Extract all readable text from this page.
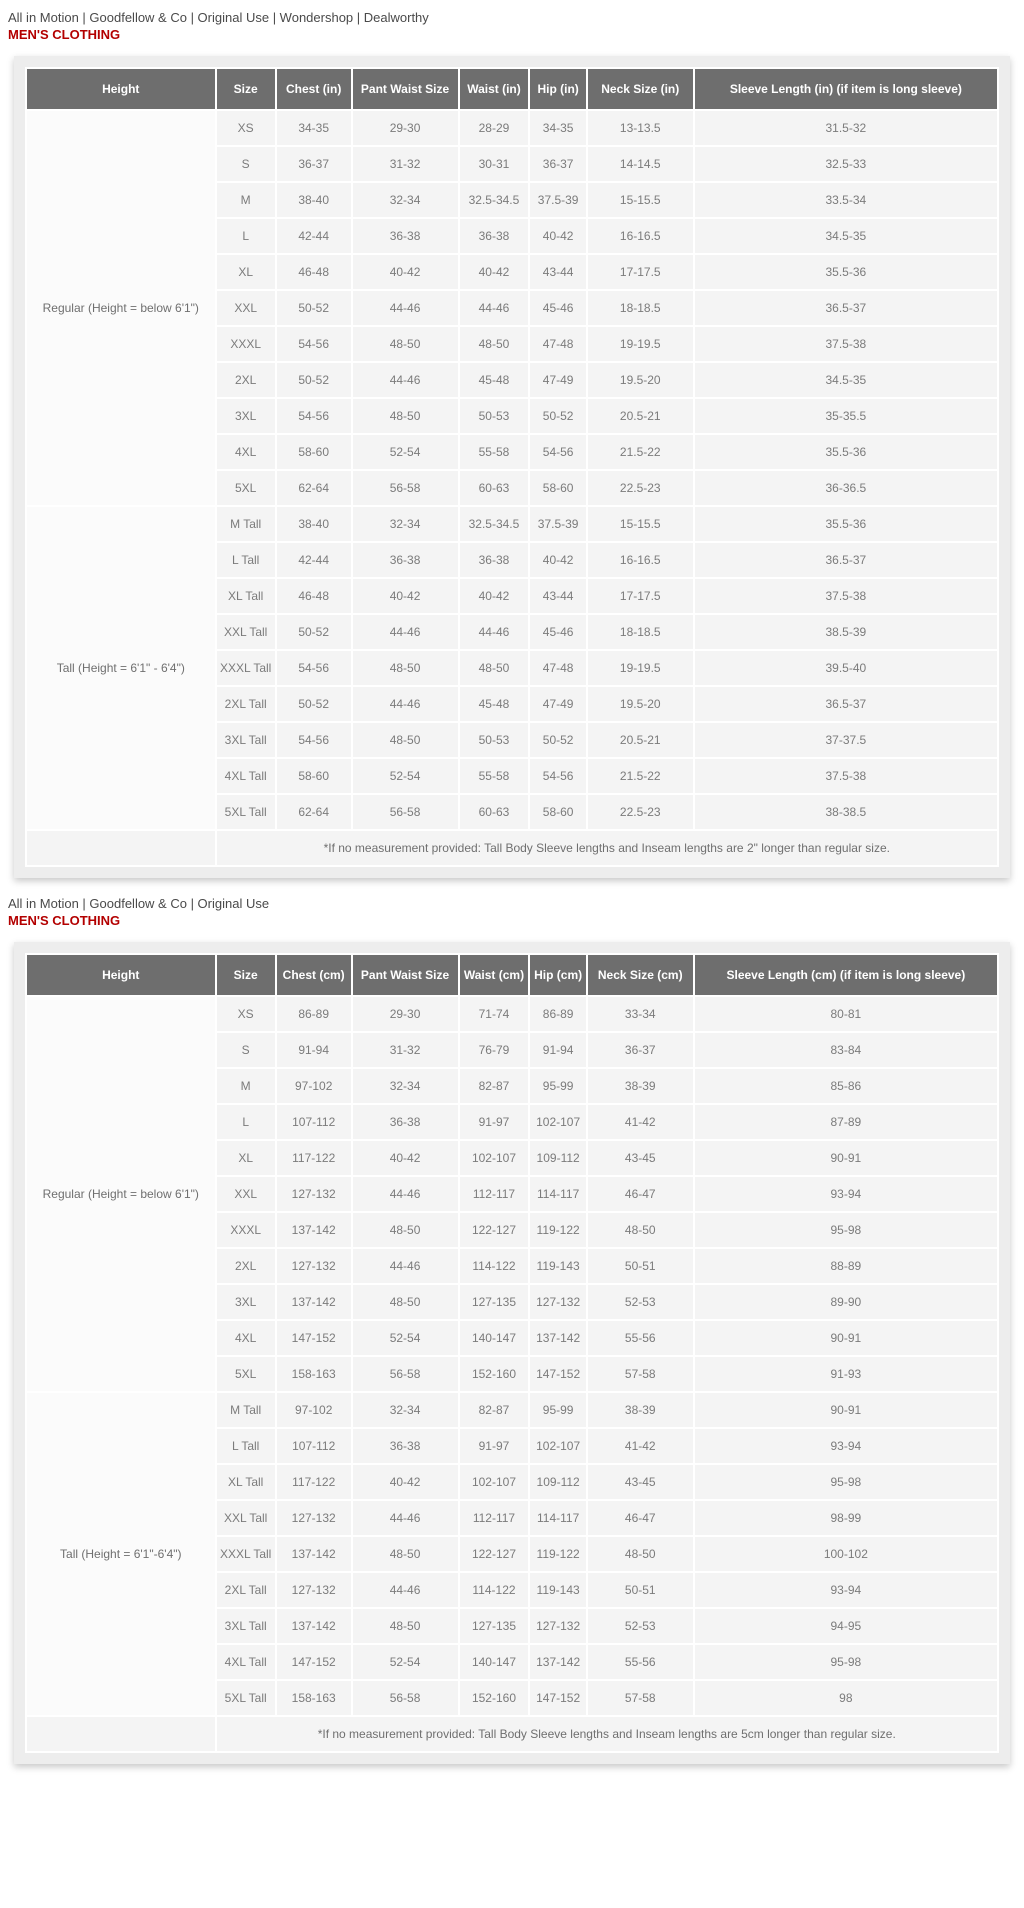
All in Motion | Goodfellow & Co | Original Use | Wondershop | Dealworthy
MEN'S CLOTHING
Height	Size	Chest (in)	Pant Waist Size	Waist (in)	Hip (in)	Neck Size (in)	Sleeve Length (in) (if item is long sleeve)
Regular (Height = below 6'1")	XS	34-35	29-30	28-29	34-35	13-13.5	31.5-32
	S	36-37	31-32	30-31	36-37	14-14.5	32.5-33
	M	38-40	32-34	32.5-34.5	37.5-39	15-15.5	33.5-34
	L	42-44	36-38	36-38	40-42	16-16.5	34.5-35
	XL	46-48	40-42	40-42	43-44	17-17.5	35.5-36
	XXL	50-52	44-46	44-46	45-46	18-18.5	36.5-37
	XXXL	54-56	48-50	48-50	47-48	19-19.5	37.5-38
	2XL	50-52	44-46	45-48	47-49	19.5-20	34.5-35
	3XL	54-56	48-50	50-53	50-52	20.5-21	35-35.5
	4XL	58-60	52-54	55-58	54-56	21.5-22	35.5-36
	5XL	62-64	56-58	60-63	58-60	22.5-23	36-36.5
Tall (Height = 6'1" - 6'4")	M Tall	38-40	32-34	32.5-34.5	37.5-39	15-15.5	35.5-36
	L Tall	42-44	36-38	36-38	40-42	16-16.5	36.5-37
	XL Tall	46-48	40-42	40-42	43-44	17-17.5	37.5-38
	XXL Tall	50-52	44-46	44-46	45-46	18-18.5	38.5-39
	XXXL Tall	54-56	48-50	48-50	47-48	19-19.5	39.5-40
	2XL Tall	50-52	44-46	45-48	47-49	19.5-20	36.5-37
	3XL Tall	54-56	48-50	50-53	50-52	20.5-21	37-37.5
	4XL Tall	58-60	52-54	55-58	54-56	21.5-22	37.5-38
	5XL Tall	62-64	56-58	60-63	58-60	22.5-23	38-38.5
	*If no measurement provided: Tall Body Sleeve lengths and Inseam lengths are 2" longer than regular size.						
All in Motion | Goodfellow & Co | Original Use
MEN'S CLOTHING
Height	Size	Chest (cm)	Pant Waist Size	Waist (cm)	Hip (cm)	Neck Size (cm)	Sleeve Length (cm) (if item is long sleeve)
Regular (Height = below 6'1")	XS	86-89	29-30	71-74	86-89	33-34	80-81
	S	91-94	31-32	76-79	91-94	36-37	83-84
	M	97-102	32-34	82-87	95-99	38-39	85-86
	L	107-112	36-38	91-97	102-107	41-42	87-89
	XL	117-122	40-42	102-107	109-112	43-45	90-91
	XXL	127-132	44-46	112-117	114-117	46-47	93-94
	XXXL	137-142	48-50	122-127	119-122	48-50	95-98
	2XL	127-132	44-46	114-122	119-143	50-51	88-89
	3XL	137-142	48-50	127-135	127-132	52-53	89-90
	4XL	147-152	52-54	140-147	137-142	55-56	90-91
	5XL	158-163	56-58	152-160	147-152	57-58	91-93
Tall (Height = 6'1"-6'4")	M Tall	97-102	32-34	82-87	95-99	38-39	90-91
	L Tall	107-112	36-38	91-97	102-107	41-42	93-94
	XL Tall	117-122	40-42	102-107	109-112	43-45	95-98
	XXL Tall	127-132	44-46	112-117	114-117	46-47	98-99
	XXXL Tall	137-142	48-50	122-127	119-122	48-50	100-102
	2XL Tall	127-132	44-46	114-122	119-143	50-51	93-94
	3XL Tall	137-142	48-50	127-135	127-132	52-53	94-95
	4XL Tall	147-152	52-54	140-147	137-142	55-56	95-98
	5XL Tall	158-163	56-58	152-160	147-152	57-58	98
	*If no measurement provided: Tall Body Sleeve lengths and Inseam lengths are 5cm longer than regular size.						
